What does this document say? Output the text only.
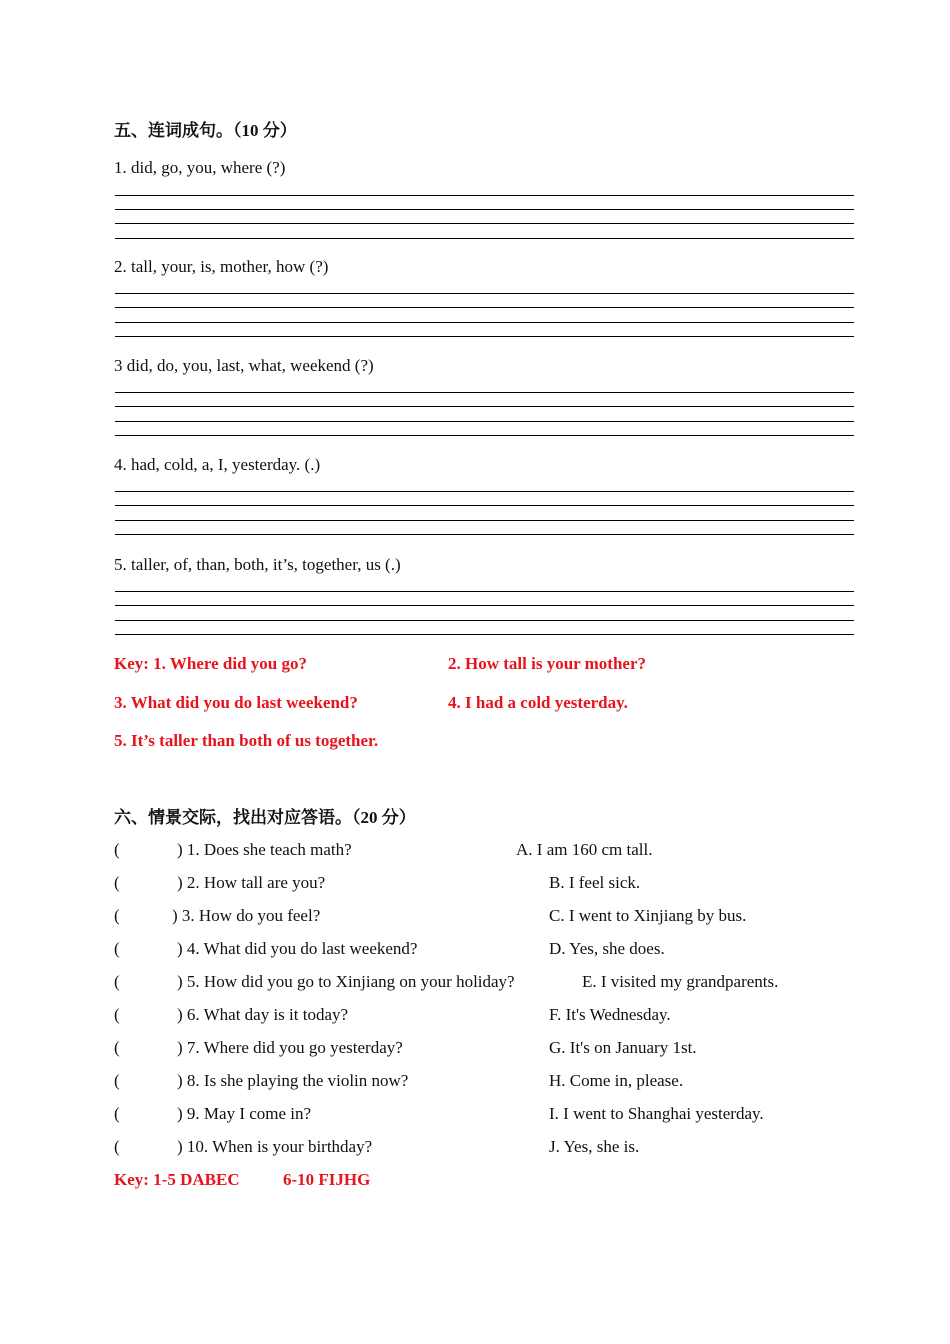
五、连词成句。（10 分）
1. did, go, you, where (?)
2. tall, your, is, mother, how (?)
3 did, do, you, last, what, weekend (?)
4. had, cold, a, I, yesterday. (.)
5. taller, of, than, both, it’s, together, us (.)
Key: 1. Where did you go?	2. How tall is your mother?
3. What did you do last weekend?	4. I had a cold yesterday.
5. It’s taller than both of us together.
六、情景交际，找出对应答语。（20 分）
(	) 1. Does she teach math?	A. I am 160 cm tall.
(	) 2. How tall are you?	B. I feel sick.
(	) 3. How do you feel?	C. I went to Xinjiang by bus.
(	) 4. What did you do last weekend?	D. Yes, she does.
(	) 5. How did you go to Xinjiang on your holiday?	E. I visited my grandparents.
(	) 6. What day is it today?	F. It's Wednesday.
(	) 7. Where did you go yesterday?	G. It's on January 1st.
(	) 8. Is she playing the violin now?	H. Come in, please.
(	) 9. May I come in?	I. I went to Shanghai yesterday.
(	) 10. When is your birthday?	J. Yes, she is.
Key: 1-5 DABEC	6-10 FIJHG
